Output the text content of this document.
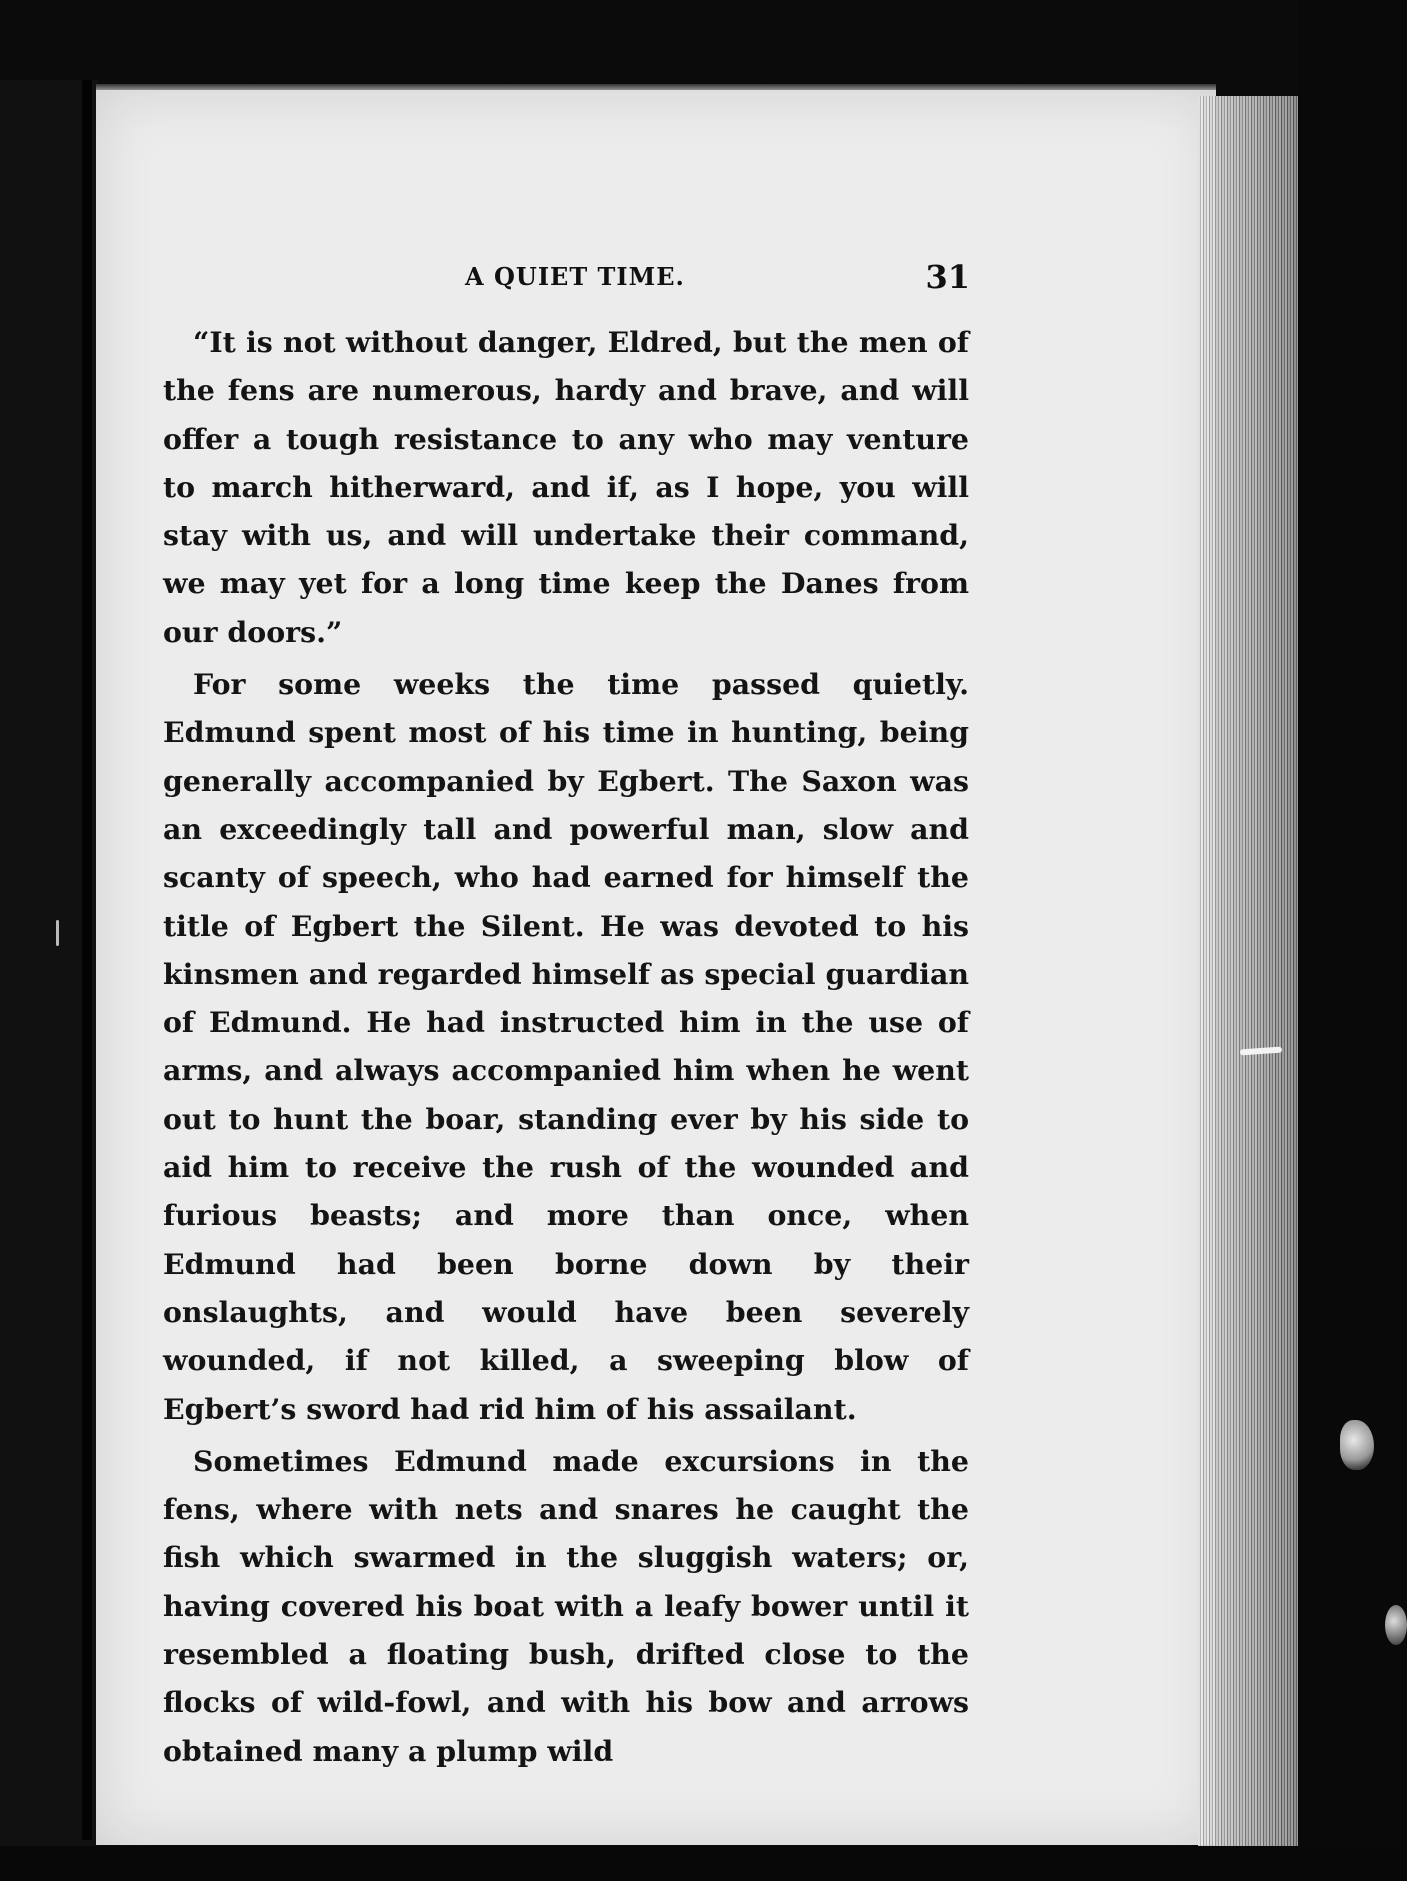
A QUIET TIME.	31

“It is not without danger, Eldred, but the men of the fens are numerous, hardy and brave, and will offer a tough resistance to any who may venture to march hitherward, and if, as I hope, you will stay with us, and will undertake their command, we may yet for a long time keep the Danes from our doors.”

For some weeks the time passed quietly. Edmund spent most of his time in hunting, being generally accompanied by Egbert. The Saxon was an exceedingly tall and powerful man, slow and scanty of speech, who had earned for himself the title of Egbert the Silent. He was devoted to his kinsmen and regarded himself as special guardian of Edmund. He had instructed him in the use of arms, and always accompanied him when he went out to hunt the boar, standing ever by his side to aid him to receive the rush of the wounded and furious beasts; and more than once, when Edmund had been borne down by their onslaughts, and would have been severely wounded, if not killed, a sweeping blow of Egbert’s sword had rid him of his assailant.

Sometimes Edmund made excursions in the fens, where with nets and snares he caught the fish which swarmed in the sluggish waters; or, having covered his boat with a leafy bower until it resembled a floating bush, drifted close to the flocks of wild-fowl, and with his bow and arrows obtained many a plump wild
